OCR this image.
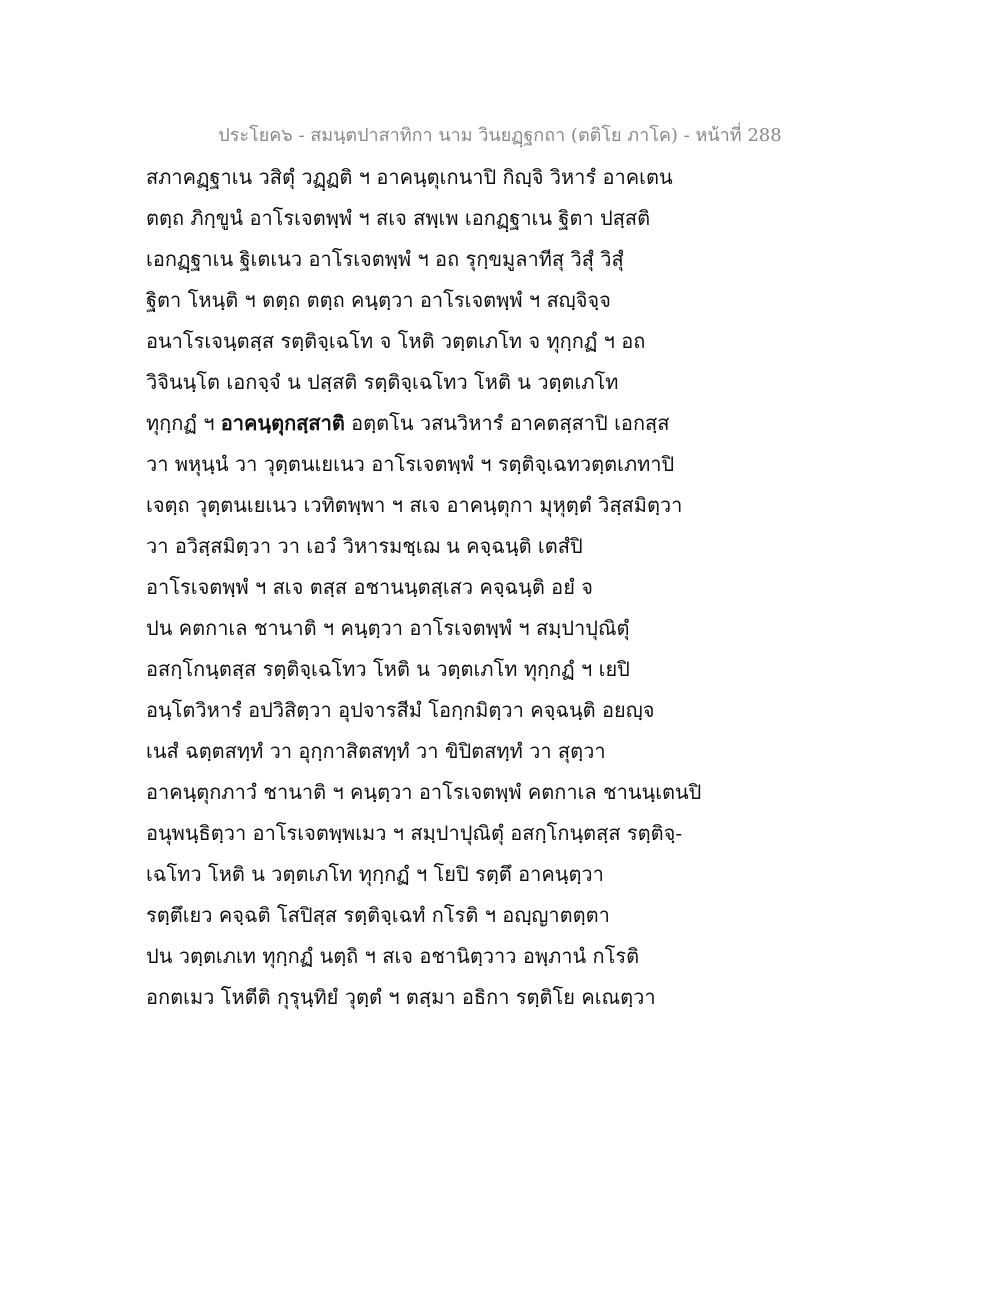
ประโยค๖ - สมนฺตปาสาทิกา นาม วินยฏฺฐกถา (ตติโย ภาโค) - หน้าที่ 288
สภาคฏฺฐาเน วสิตุํ วฏฺฏติ ฯ อาคนฺตุเกนาปิ กิญฺจิ วิหารํ อาคเตน
ตตฺถ ภิกฺขูนํ อาโรเจตพฺพํ ฯ สเจ สพฺเพ เอกฏฺฐาเน ฐิตา ปสฺสติ
เอกฏฺฐาเน ฐิเตเนว อาโรเจตพฺพํ ฯ อถ รุกฺขมูลาทีสุ วิสุํ วิสุํ
ฐิตา โหนฺติ ฯ ตตฺถ ตตฺถ คนฺตฺวา อาโรเจตพฺพํ ฯ สญฺจิจฺจ
อนาโรเจนฺตสฺส รตฺติจฺเฉโท จ โหติ วตฺตเภโท จ ทุกฺกฏํ ฯ อถ
วิจินนฺโต เอกจฺจํ น ปสฺสติ รตฺติจฺเฉโทว โหติ น วตฺตเภโท
ทุกฺกฏํ ฯ อาคนฺตุกสฺสาติ อตฺตโน วสนวิหารํ อาคตสฺสาปิ เอกสฺส
วา พหุนฺนํ วา วุตฺตนเยเนว อาโรเจตพฺพํ ฯ รตฺติจฺเฉทวตฺตเภทาปิ
เจตฺถ วุตฺตนเยเนว เวทิตพฺพา ฯ สเจ อาคนฺตุกา มุหุตฺตํ วิสฺสมิตฺวา
วา อวิสฺสมิตฺวา วา เอวํ วิหารมชฺเฌ น คจฺฉนฺติ เตสํปิ
อาโรเจตพฺพํ ฯ สเจ ตสฺส อชานนฺตสฺเสว คจฺฉนฺติ อยํ จ
ปน คตกาเล ชานาติ ฯ คนฺตฺวา อาโรเจตพฺพํ ฯ สมฺปาปุณิตุํ
อสกฺโกนฺตสฺส รตฺติจฺเฉโทว โหติ น วตฺตเภโท ทุกฺกฏํ ฯ เยปิ
อนฺโตวิหารํ อปวิสิตฺวา อุปจารสีมํ โอกฺกมิตฺวา คจฺฉนฺติ อยญฺจ
เนสํ ฉตฺตสทฺทํ วา อุกฺกาสิตสทฺทํ วา ขิปิตสทฺทํ วา สุตฺวา
อาคนฺตุกภาวํ ชานาติ ฯ คนฺตฺวา อาโรเจตพฺพํ คตกาเล ชานนฺเตนปิ
อนุพนฺธิตฺวา อาโรเจตพฺพเมว ฯ สมฺปาปุณิตุํ อสกฺโกนฺตสฺส รตฺติจฺ-
เฉโทว โหติ น วตฺตเภโท ทุกฺกฏํ ฯ โยปิ รตฺตึ อาคนฺตฺวา
รตฺตึเยว คจฺฉติ โสปิสฺส รตฺติจฺเฉทํ กโรติ ฯ อญฺญาตตฺตา
ปน วตฺตเภเท ทุกฺกฏํ นตฺถิ ฯ สเจ อชานิตฺวาว อพฺภานํ กโรติ
อกตเมว โหตีติ กุรุนฺทิยํ วุตฺตํ ฯ ตสฺมา อธิกา รตฺติโย คเณตฺวา
